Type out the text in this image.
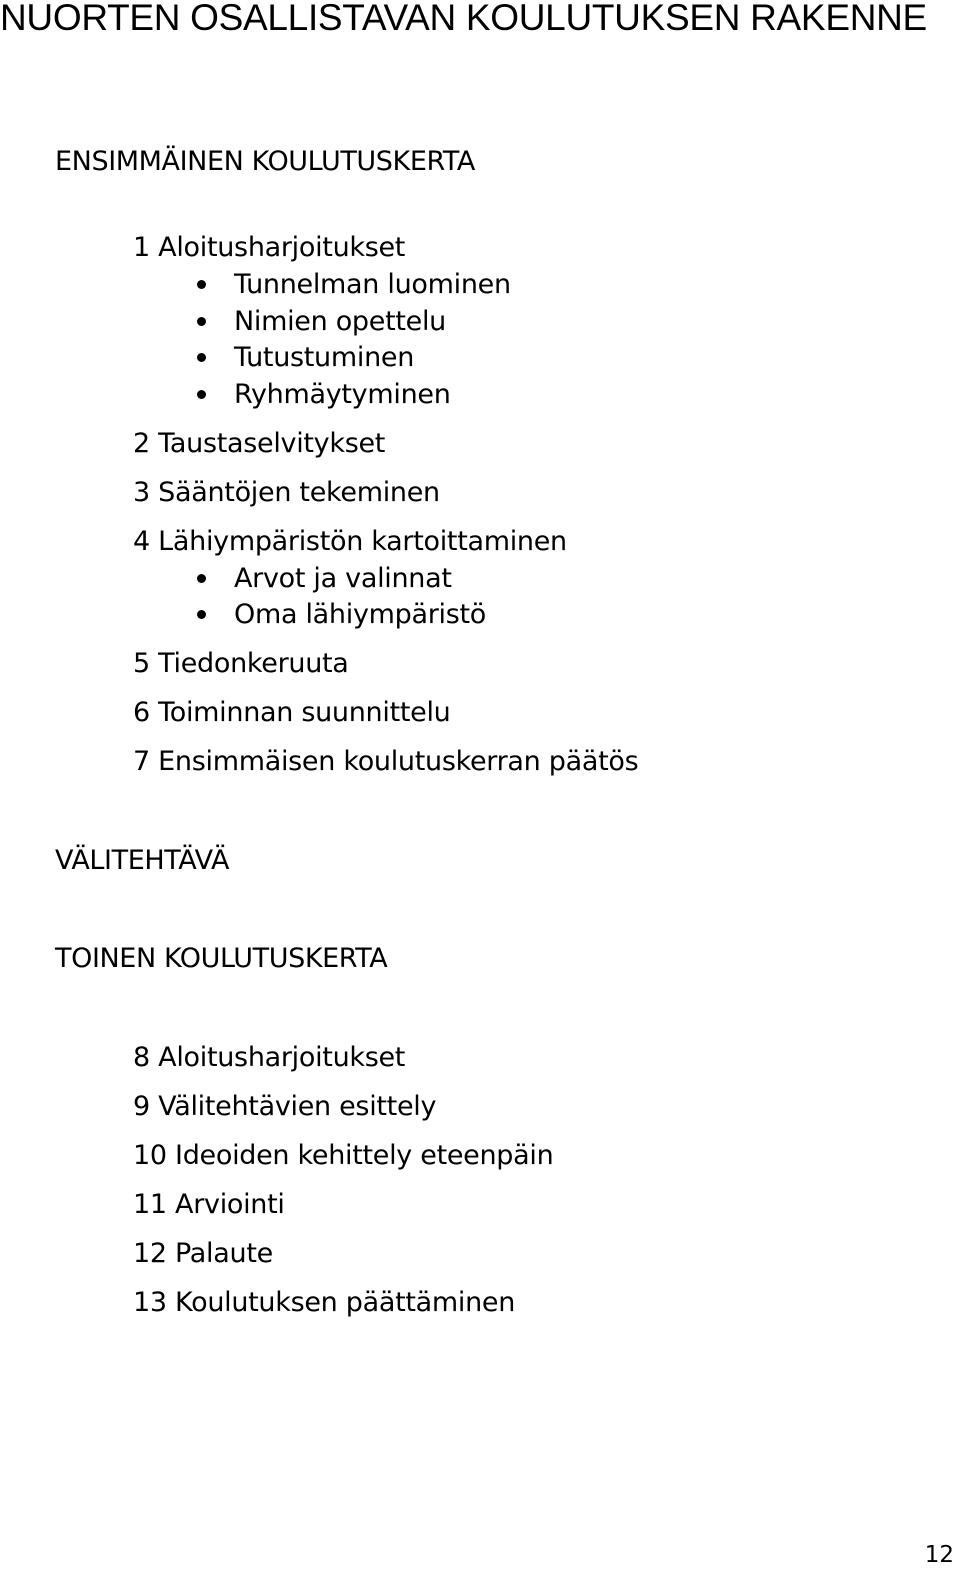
NUORTEN OSALLISTAVAN KOULUTUKSEN RAKENNE
ENSIMMÄINEN KOULUTUSKERTA
1 Aloitusharjoitukset
Tunnelman luominen
Nimien opettelu
Tutustuminen
Ryhmäytyminen
2 Taustaselvitykset
3 Sääntöjen tekeminen
4 Lähiympäristön kartoittaminen
Arvot ja valinnat
Oma lähiympäristö
5 Tiedonkeruuta
6 Toiminnan suunnittelu
7 Ensimmäisen koulutuskerran päätös
VÄLITEHTÄVÄ
TOINEN KOULUTUSKERTA
8 Aloitusharjoitukset
9 Välitehtävien esittely
10 Ideoiden kehittely eteenpäin
11 Arviointi
12 Palaute
13 Koulutuksen päättäminen
12
